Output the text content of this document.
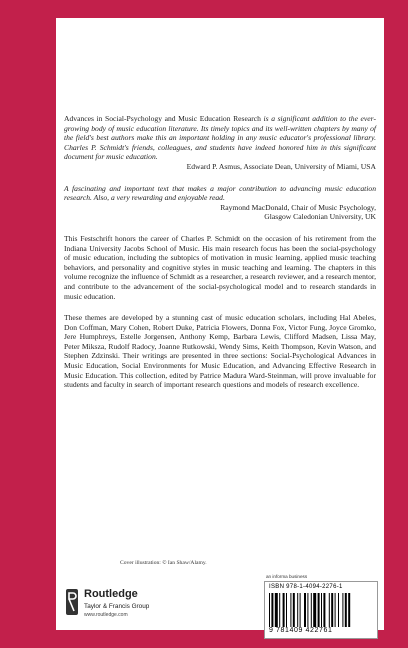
Advances in Social-Psychology and Music Education Research is a significant addition to the ever-growing body of music education literature. Its timely topics and its well-written chapters by many of the field's best authors make this an important holding in any music educator's professional library. Charles P. Schmidt's friends, colleagues, and students have indeed honored him in this significant document for music education.

Edward P. Asmus, Associate Dean, University of Miami, USA

A fascinating and important text that makes a major contribution to advancing music education research. Also, a very rewarding and enjoyable read.

Raymond MacDonald, Chair of Music Psychology,

Glasgow Caledonian University, UK

This Festschrift honors the career of Charles P. Schmidt on the occasion of his retirement from the Indiana University Jacobs School of Music. His main research focus has been the social-psychology of music education, including the subtopics of motivation in music learning, applied music teaching behaviors, and personality and cognitive styles in music teaching and learning. The chapters in this volume recognize the influence of Schmidt as a researcher, a research reviewer, and a research mentor, and contribute to the advancement of the social-psychological model and to research standards in music education.

These themes are developed by a stunning cast of music education scholars, including Hal Abeles, Don Coffman, Mary Cohen, Robert Duke, Patricia Flowers, Donna Fox, Victor Fung, Joyce Gromko, Jere Humphreys, Estelle Jorgensen, Anthony Kemp, Barbara Lewis, Clifford Madsen, Lissa May, Peter Miksza, Rudolf Radocy, Joanne Rutkowski, Wendy Sims, Keith Thompson, Kevin Watson, and Stephen Zdzinski. Their writings are presented in three sections: Social-Psychological Advances in Music Education, Social Environments for Music Education, and Advancing Effective Research in Music Education. This collection, edited by Patrice Madura Ward-Steinman, will prove invaluable for students and faculty in search of important research questions and models of research excellence.

Cover illustration: © Ian Shaw/Alamy.
an informa business
ISBN 978-1-4094-2276-1
9 781409 422761
Routledge
Taylor & Francis Group
www.routledge.com
